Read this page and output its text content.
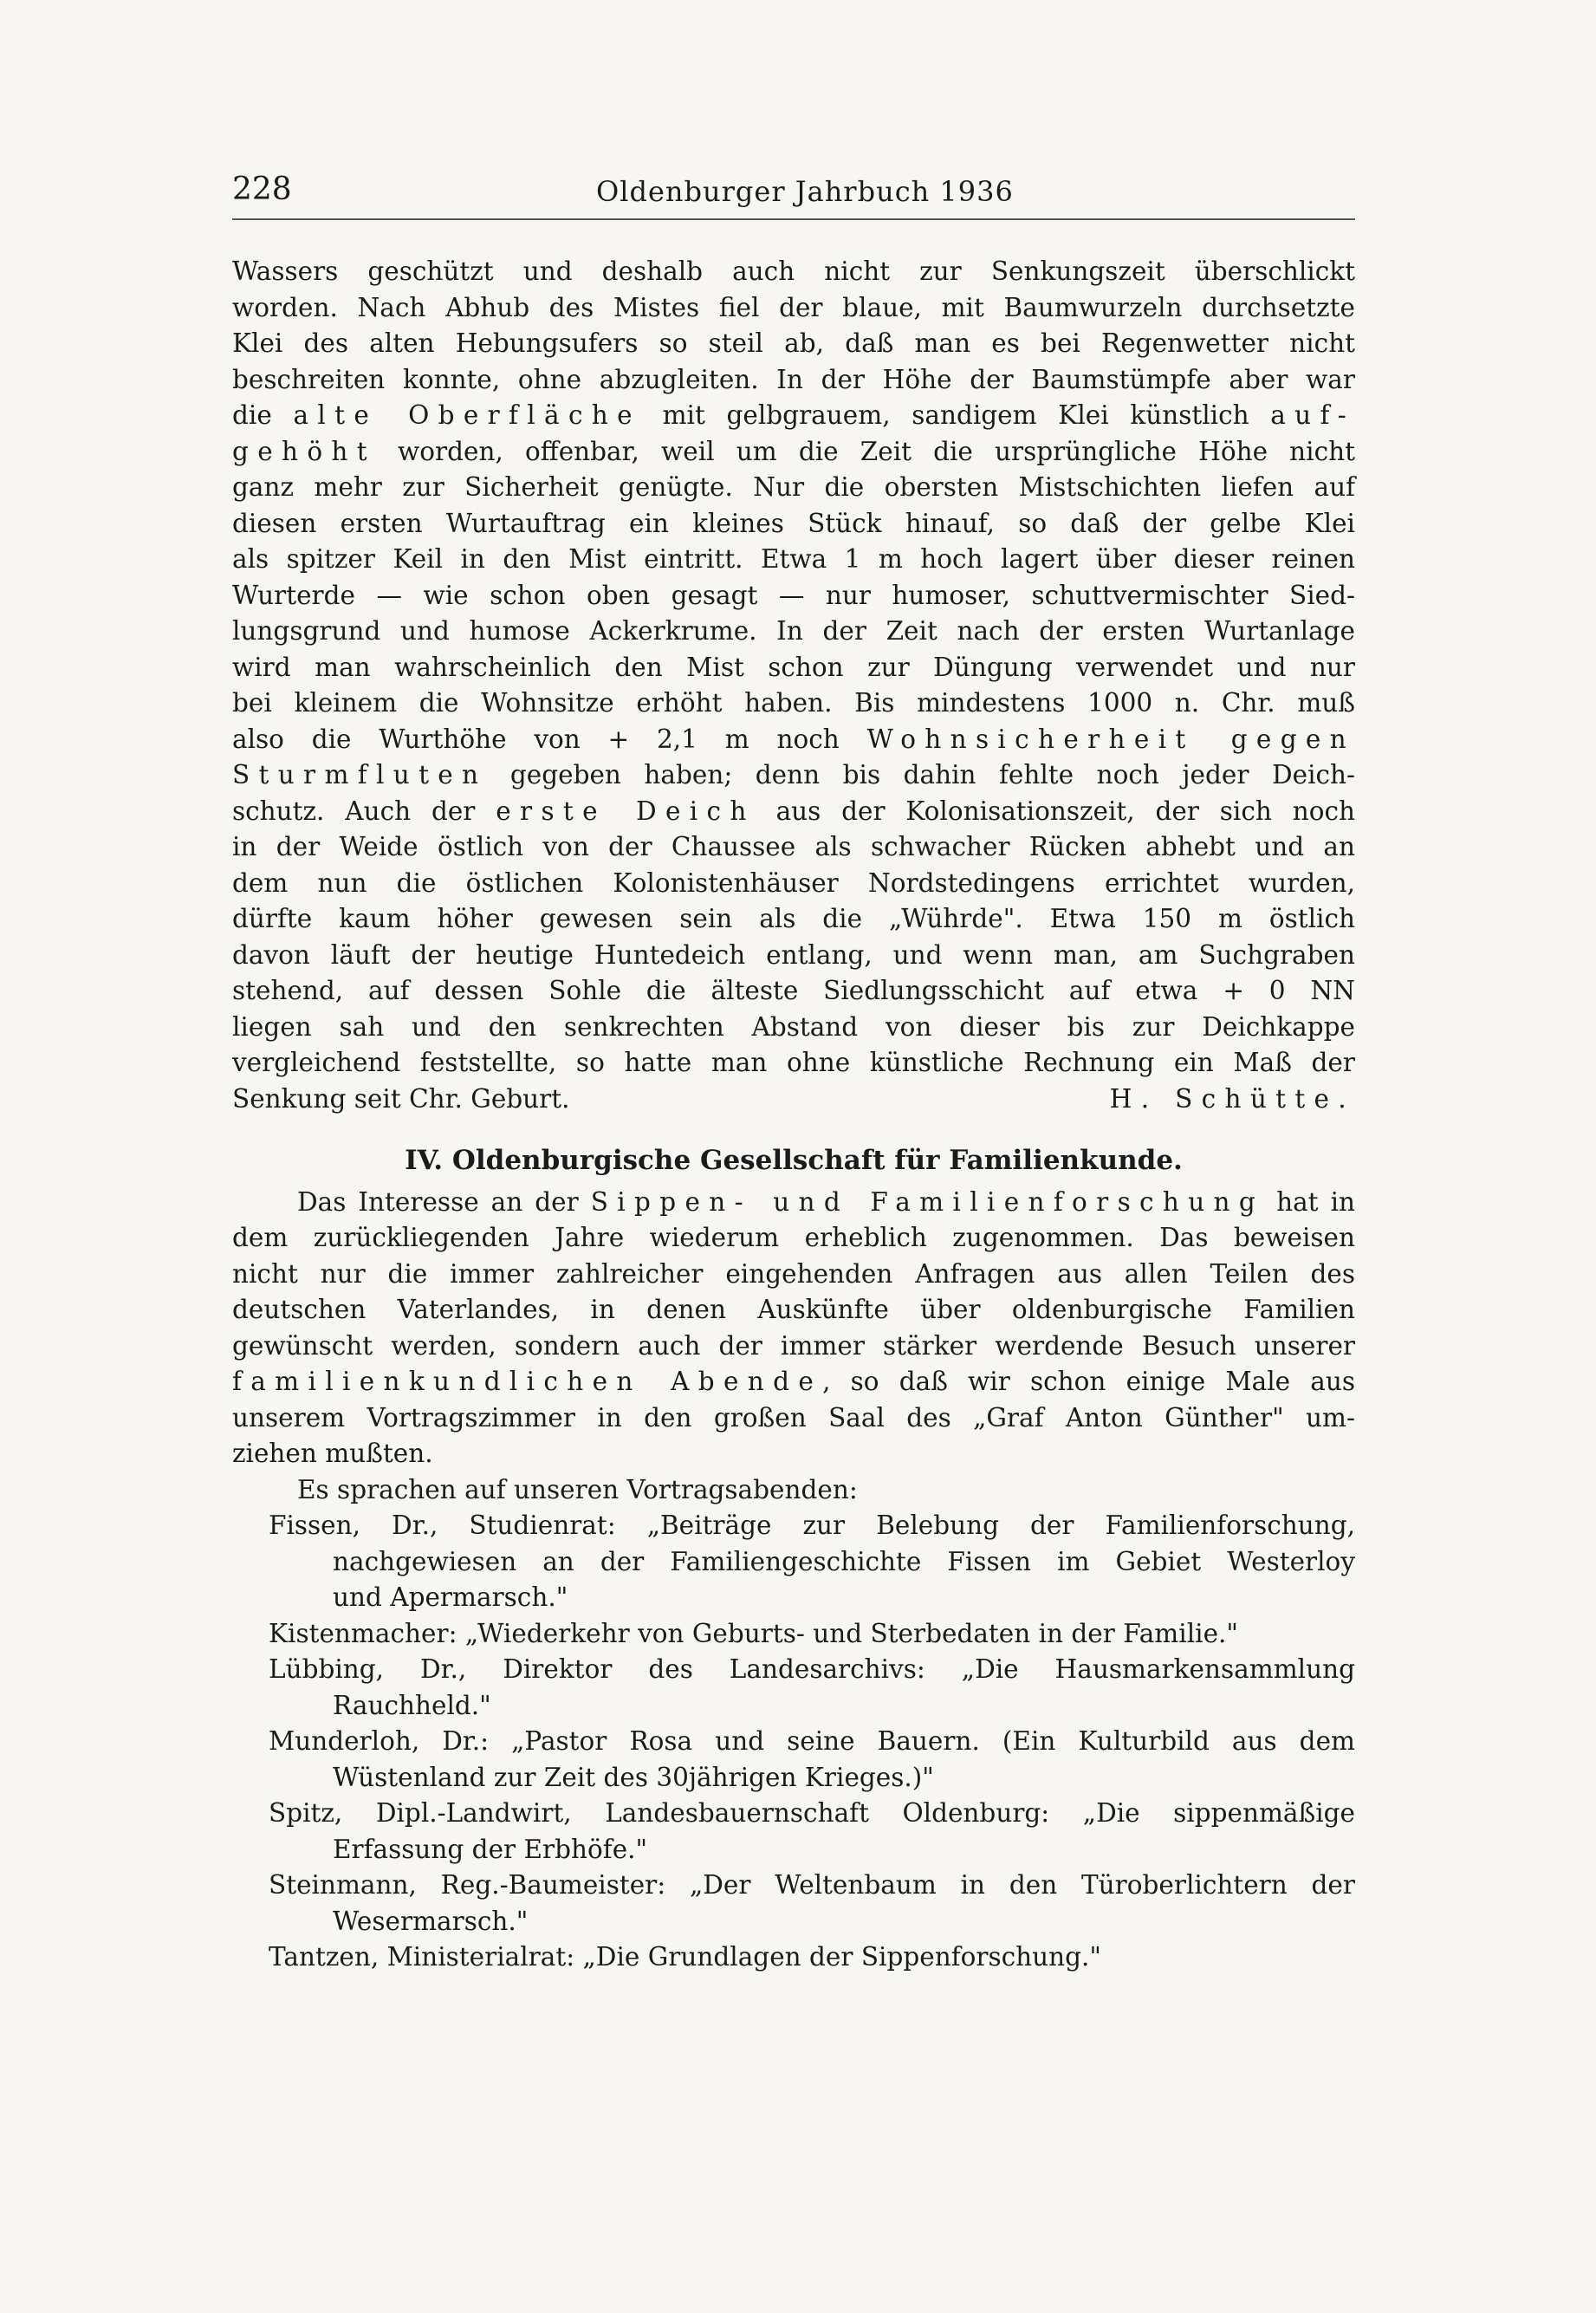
228	Oldenburger Jahrbuch 1936
Wassers geschützt und deshalb auch nicht zur Senkungszeit überschlickt
worden. Nach Abhub des Mistes fiel der blaue, mit Baumwurzeln durchsetzte
Klei des alten Hebungsufers so steil ab, daß man es bei Regenwetter nicht
beschreiten konnte, ohne abzugleiten. In der Höhe der Baumstümpfe aber war
die alte Oberfläche mit gelbgrauem, sandigem Klei künstlich auf-
gehöht worden, offenbar, weil um die Zeit die ursprüngliche Höhe nicht
ganz mehr zur Sicherheit genügte. Nur die obersten Mistschichten liefen auf
diesen ersten Wurtauftrag ein kleines Stück hinauf, so daß der gelbe Klei
als spitzer Keil in den Mist eintritt. Etwa 1 m hoch lagert über dieser reinen
Wurterde — wie schon oben gesagt — nur humoser, schuttvermischter Sied-
lungsgrund und humose Ackerkrume. In der Zeit nach der ersten Wurtanlage
wird man wahrscheinlich den Mist schon zur Düngung verwendet und nur
bei kleinem die Wohnsitze erhöht haben. Bis mindestens 1000 n. Chr. muß
also die Wurthöhe von + 2,1 m noch Wohnsicherheit gegen
Sturmfluten gegeben haben; denn bis dahin fehlte noch jeder Deich-
schutz. Auch der erste Deich aus der Kolonisationszeit, der sich noch
in der Weide östlich von der Chaussee als schwacher Rücken abhebt und an
dem nun die östlichen Kolonistenhäuser Nordstedingens errichtet wurden,
dürfte kaum höher gewesen sein als die „Wührde". Etwa 150 m östlich
davon läuft der heutige Huntedeich entlang, und wenn man, am Suchgraben
stehend, auf dessen Sohle die älteste Siedlungsschicht auf etwa + 0 NN
liegen sah und den senkrechten Abstand von dieser bis zur Deichkappe
vergleichend feststellte, so hatte man ohne künstliche Rechnung ein Maß der
Senkung seit Chr. Geburt.	H. Schütte.
IV. Oldenburgische Gesellschaft für Familienkunde.
Das Interesse an der Sippen- und Familienforschung hat in
dem zurückliegenden Jahre wiederum erheblich zugenommen. Das beweisen
nicht nur die immer zahlreicher eingehenden Anfragen aus allen Teilen des
deutschen Vaterlandes, in denen Auskünfte über oldenburgische Familien
gewünscht werden, sondern auch der immer stärker werdende Besuch unserer
familienkundlichen Abende, so daß wir schon einige Male aus
unserem Vortragszimmer in den großen Saal des „Graf Anton Günther" um-
ziehen mußten.
Es sprachen auf unseren Vortragsabenden:
Fissen, Dr., Studienrat: „Beiträge zur Belebung der Familienforschung,
nachgewiesen an der Familiengeschichte Fissen im Gebiet Westerloy
und Apermarsch."
Kistenmacher: „Wiederkehr von Geburts- und Sterbedaten in der Familie."
Lübbing, Dr., Direktor des Landesarchivs: „Die Hausmarkensammlung
Rauchheld."
Munderloh, Dr.: „Pastor Rosa und seine Bauern. (Ein Kulturbild aus dem
Wüstenland zur Zeit des 30jährigen Krieges.)"
Spitz, Dipl.-Landwirt, Landesbauernschaft Oldenburg: „Die sippenmäßige
Erfassung der Erbhöfe."
Steinmann, Reg.-Baumeister: „Der Weltenbaum in den Türoberlichtern der
Wesermarsch."
Tantzen, Ministerialrat: „Die Grundlagen der Sippenforschung."
